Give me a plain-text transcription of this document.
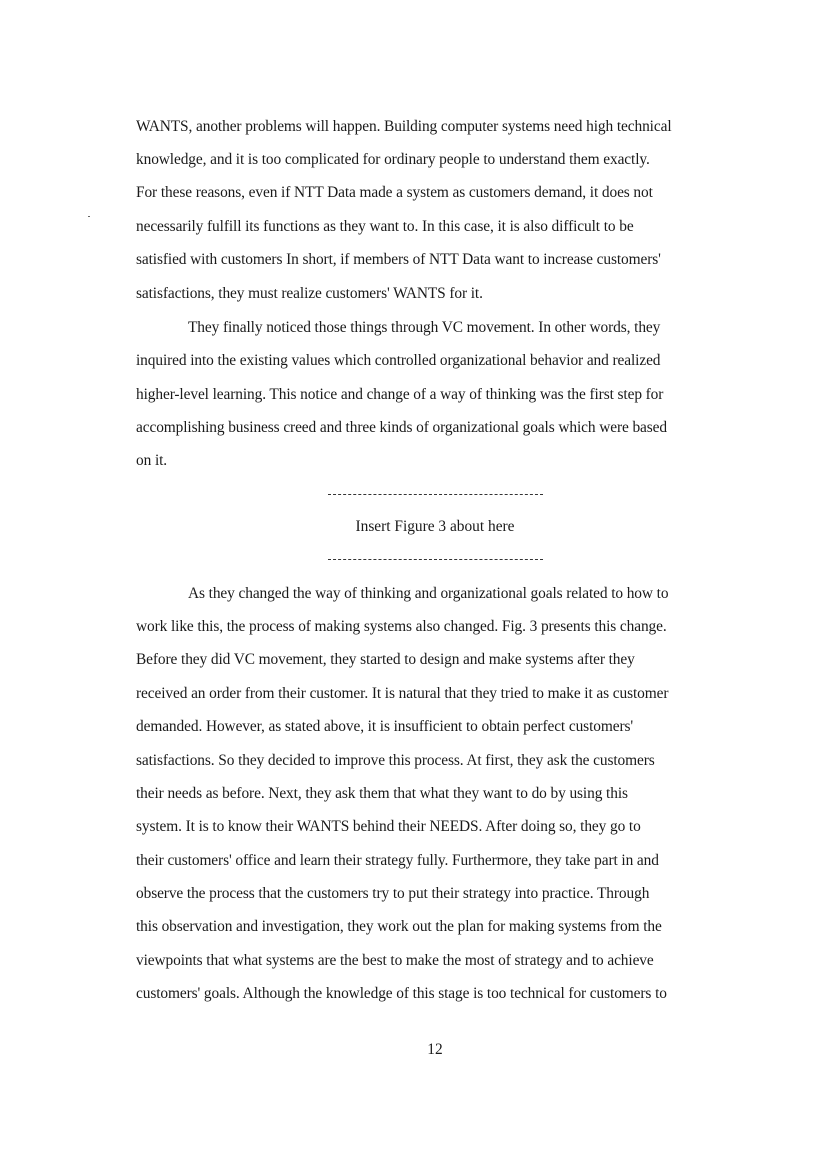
WANTS, another problems will happen. Building computer systems need high technical
knowledge, and it is too complicated for ordinary people to understand them exactly.
For these reasons, even if NTT Data made a system as customers demand, it does not
necessarily fulfill its functions as they want to. In this case, it is also difficult to be
satisfied with customers In short, if members of NTT Data want to increase customers'
satisfactions, they must realize customers' WANTS for it.
They finally noticed those things through VC movement. In other words, they
inquired into the existing values which controlled organizational behavior and realized
higher-level learning. This notice and change of a way of thinking was the first step for
accomplishing business creed and three kinds of organizational goals which were based
on it.
Insert Figure 3 about here
As they changed the way of thinking and organizational goals related to how to
work like this, the process of making systems also changed. Fig. 3 presents this change.
Before they did VC movement, they started to design and make systems after they
received an order from their customer. It is natural that they tried to make it as customer
demanded. However, as stated above, it is insufficient to obtain perfect customers'
satisfactions. So they decided to improve this process. At first, they ask the customers
their needs as before. Next, they ask them that what they want to do by using this
system. It is to know their WANTS behind their NEEDS. After doing so, they go to
their customers' office and learn their strategy fully. Furthermore, they take part in and
observe the process that the customers try to put their strategy into practice. Through
this observation and investigation, they work out the plan for making systems from the
viewpoints that what systems are the best to make the most of strategy and to achieve
customers' goals. Although the knowledge of this stage is too technical for customers to
12
